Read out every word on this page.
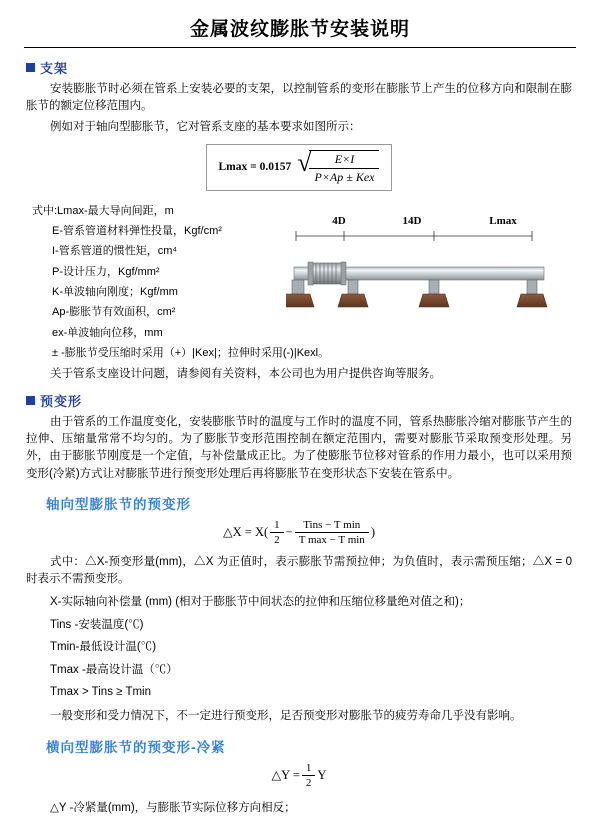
金属波纹膨胀节安装说明
支架

安装膨胀节时必须在管系上安装必要的支架，以控制管系的变形在膨胀节上产生的位移方向和限制在膨胀节的额定位移范围内。

例如对于轴向型膨胀节，它对管系支座的基本要求如图所示：

Lmax = 0.0157 √
$\frac{E\times I}{\text{P×Ap ± Kex}}$
式中:Lmax-最大导向间距，m
E-管系管道材料弹性投量，Kgf/cm²
I-管系管道的惯性矩，cm⁴
P-设计压力，Kgf/mm²
K-单波轴向刚度；Kgf/mm
Ap-膨胀节有效面积，cm²
ex-单波轴向位移，mm
± -膨胀节受压缩时采用（+）|Kex|；拉伸时采用(-)|Kexl。
4D	14D	Lmax

关于管系支座设计问题，请参阅有关资料，本公司也为用户提供咨询等服务。

预变形

由于管系的工作温度变化，安装膨胀节时的温度与工作时的温度不同，管系热膨胀冷缩对膨胀节产生的拉伸、压缩量常常不均匀的。为了膨胀节变形范围控制在额定范围内，需要对膨胀节采取预变形处理。另外，由于膨胀节刚度是一个定值，与补偿量成正比。为了使膨胀节位移对管系的作用力最小，也可以采用预变形(冷紧)方式让对膨胀节进行预变形处理后再将膨胀节在变形状态下安装在管系中。

轴向型膨胀节的预变形
△X = $X( \frac{1}{2} - \frac{\text{Tins − T min}}{\text{T max − T min}}$ )

式中：△X-预变形量(mm)，△X 为正值时，表示膨胀节需预拉伸；为负值时，表示需预压缩；△X = 0 时表示不需预变形。

X-实际轴向补偿量 (mm) (相对于膨胀节中间状态的拉伸和压缩位移量绝对值之和)；
Tins -安装温度(℃)
Tmin-最低设计温(℃)
Tmax -最高设计温（℃）
Tmax > Tins ≥ Tmin

一般变形和受力情况下，不一定进行预变形，足否预变形对膨胀节的疲劳寿命几乎没有影响。

横向型膨胀节的预变形-冷紧
△Y = $\frac{1}{2}$ Y
△Y -冷紧量(mm)，与膨胀节实际位移方向相反；
